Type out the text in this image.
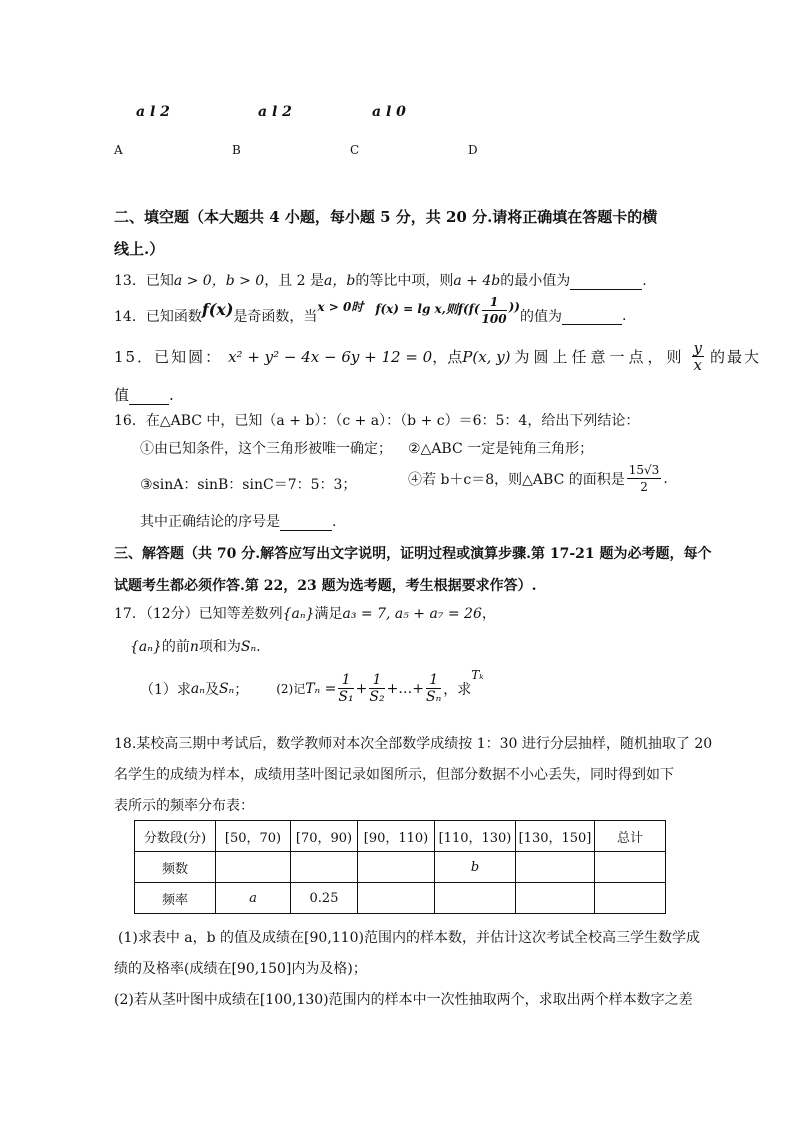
a l 2	a l 2	a l 0
A	B	C	D
二、填空题（本大题共 4 小题，每小题 5 分，共 20 分.请将正确填在答题卡的横
线上.）
13．已知a > 0，b > 0，且 2 是a，b的等比中项，则a + 4b的最小值为	.
14．已知函数f(x)是奇函数，当x > 0时 f(x) = lg x,则$f(f( \frac{1}{100}$ ))的值为	.
15．已知圆： x² + y² − 4x − 6y + 12 = 0，点P(x, y) 为圆上任意一点，则 $\frac{y}{x}$ 的最大
值	.
16．在△ABC 中，已知（a + b）：（c + a）：（b + c）＝6：5：4，给出下列结论：
①由已知条件，这个三角形被唯一确定； ②△ABC 一定是钝角三角形；
③sinA：sinB：sinC＝7：5：3；	④若 b＋c＝8，则△ABC 的面积是 $\frac{15√3}{2}$ .
其中正确结论的序号是	.
三、解答题（共 70 分.解答应写出文字说明，证明过程或演算步骤.第 17-21 题为必考题，每个
试题考生都必须作答.第 22，23 题为选考题，考生根据要求作答）.
17．（12分）已知等差数列{aₙ}满足a₃ = 7, a₅ + a₇ = 26，
{aₙ}的前n项和为Sₙ.
（1）求aₙ及Sₙ； (2)记$T_n = \frac{1}{\text{S₁}} + \frac{1}{\text{S₂}}$ +…+ $\frac{1}{\text{Sₙ}}$ ，求Tₖ
18.某校高三期中考试后，数学教师对本次全部数学成绩按 1：30 进行分层抽样，随机抽取了 20
名学生的成绩为样本，成绩用茎叶图记录如图所示，但部分数据不小心丢失，同时得到如下
表所示的频率分布表：
分数段(分)	[50，70)	[70，90)	[90，110)	[110，130)	[130，150]	总计
频数				b		
频率	a	0.25				
(1)求表中 a，b 的值及成绩在[90,110)范围内的样本数，并估计这次考试全校高三学生数学成
绩的及格率(成绩在[90,150]内为及格)；
(2)若从茎叶图中成绩在[100,130)范围内的样本中一次性抽取两个，求取出两个样本数字之差
